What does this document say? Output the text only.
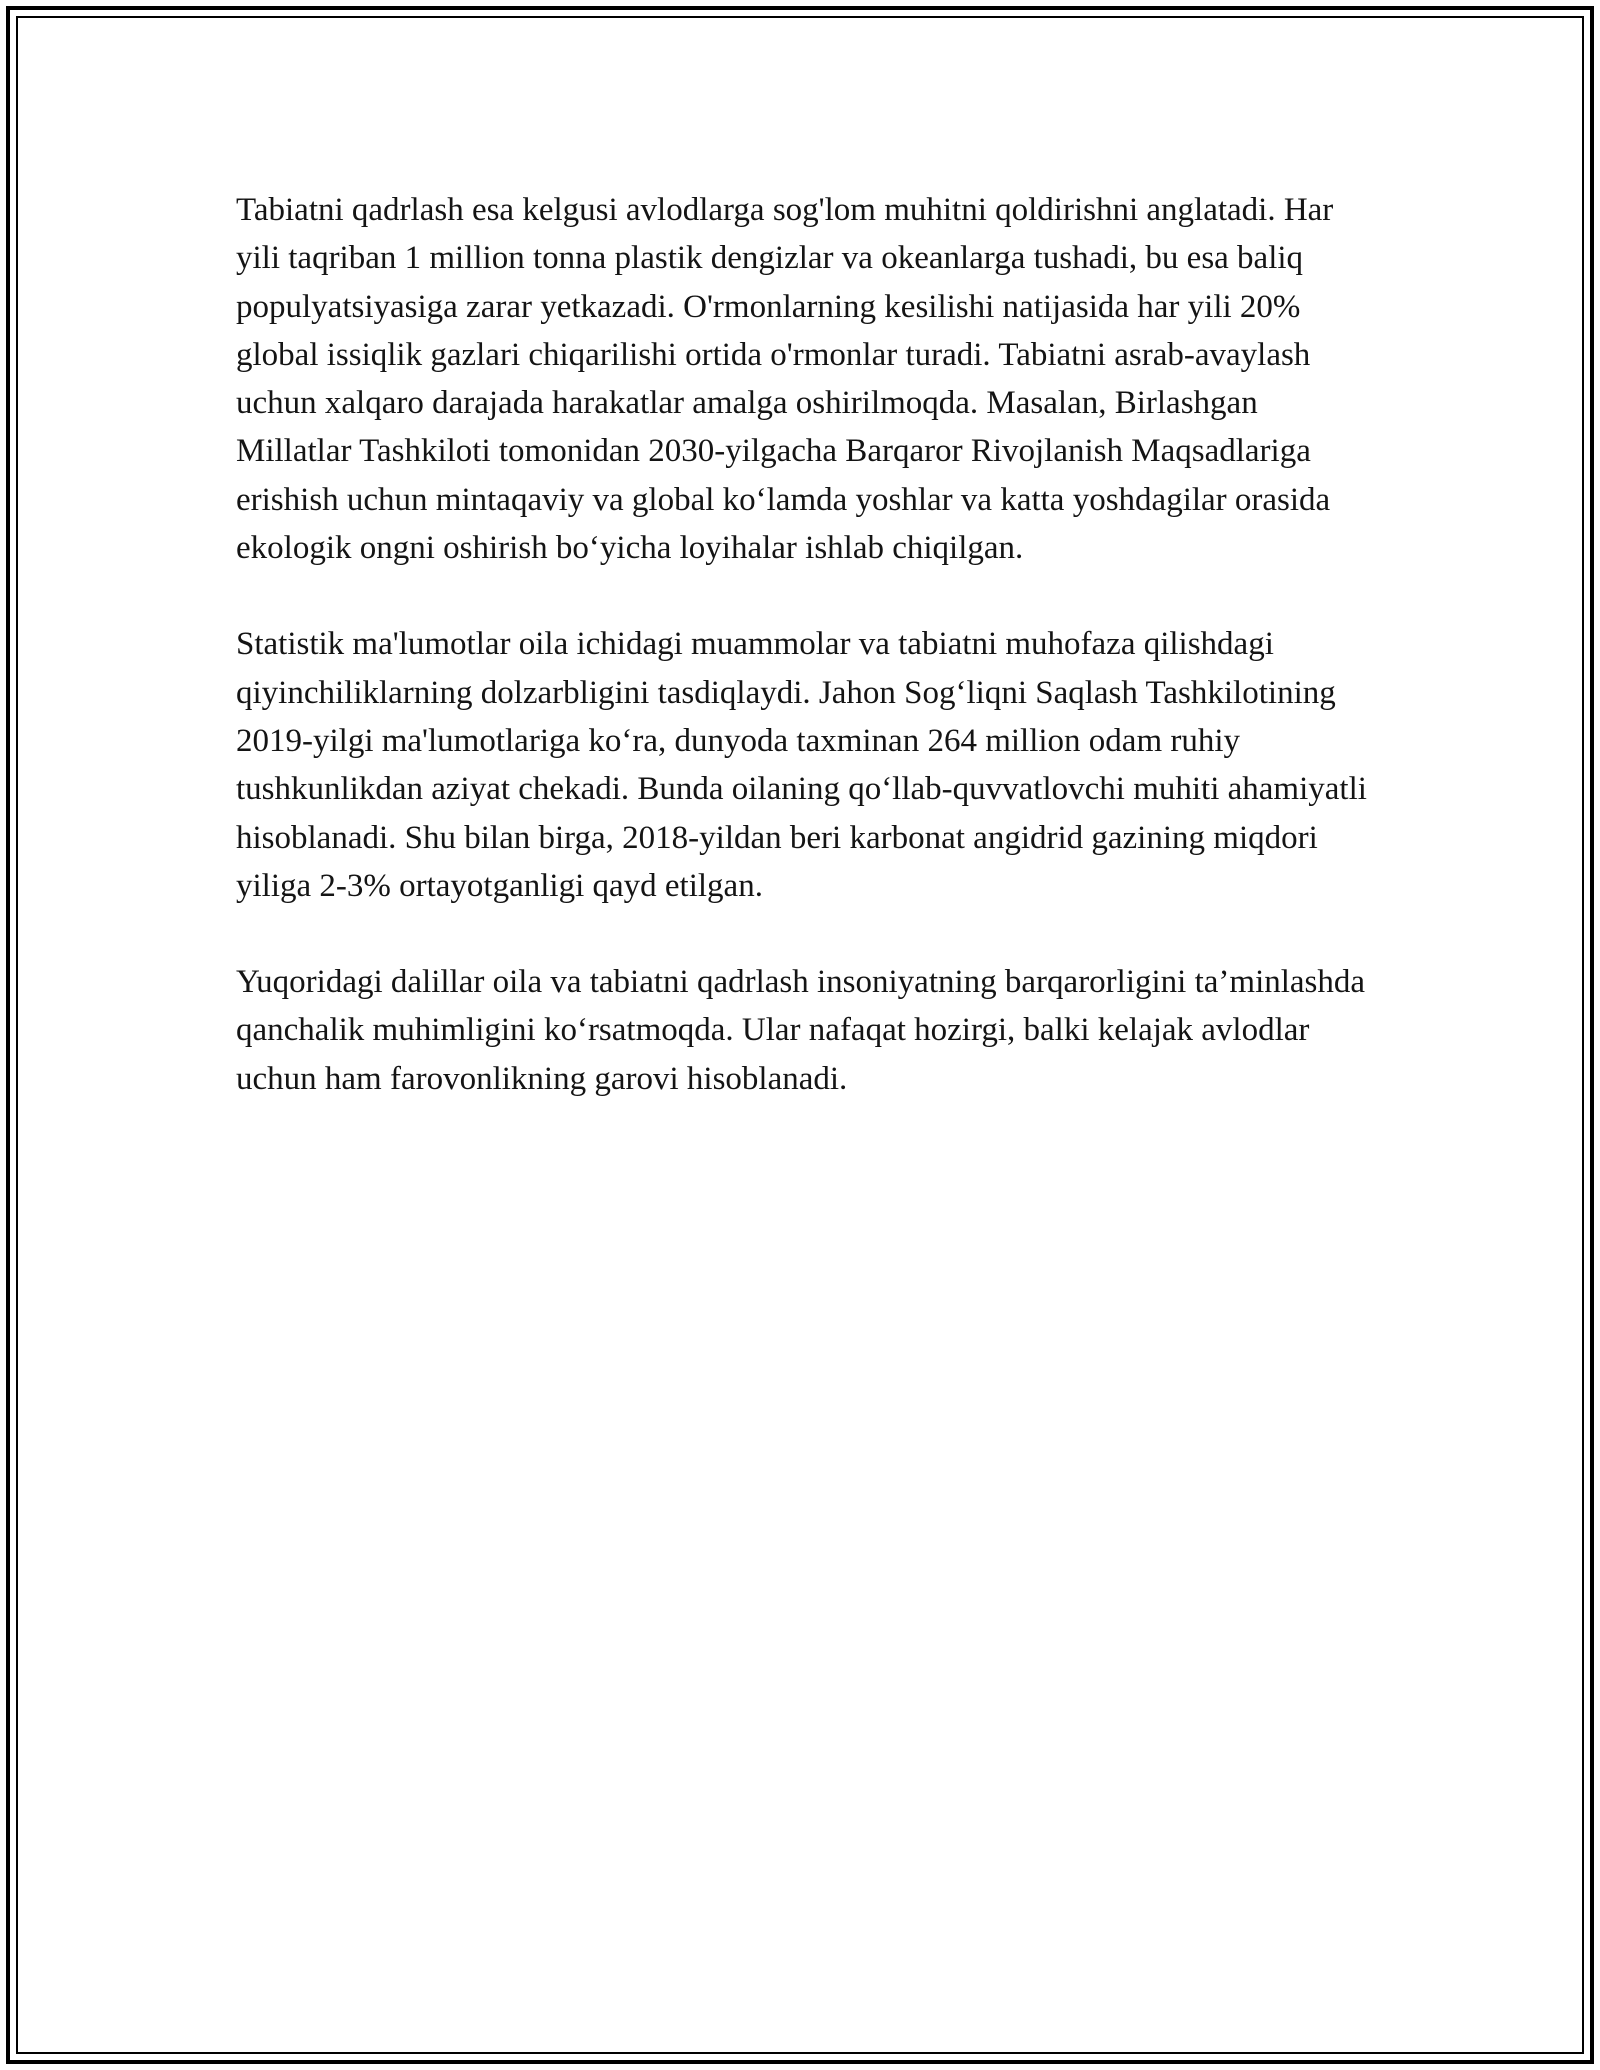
Tabiatni qadrlash esa kelgusi avlodlarga sog'lom muhitni qoldirishni anglatadi. Har yili taqriban 1 million tonna plastik dengizlar va okeanlarga tushadi, bu esa baliq populyatsiyasiga zarar yetkazadi. O'rmonlarning kesilishi natijasida har yili 20% global issiqlik gazlari chiqarilishi ortida o'rmonlar turadi. Tabiatni asrab-avaylash uchun xalqaro darajada harakatlar amalga oshirilmoqda. Masalan, Birlashgan Millatlar Tashkiloti tomonidan 2030-yilgacha Barqaror Rivojlanish Maqsadlariga erishish uchun mintaqaviy va global ko‘lamda yoshlar va katta yoshdagilar orasida ekologik ongni oshirish bo‘yicha loyihalar ishlab chiqilgan.

Statistik ma'lumotlar oila ichidagi muammolar va tabiatni muhofaza qilishdagi qiyinchiliklarning dolzarbligini tasdiqlaydi. Jahon Sog‘liqni Saqlash Tashkilotining 2019-yilgi ma'lumotlariga ko‘ra, dunyoda taxminan 264 million odam ruhiy tushkunlikdan aziyat chekadi. Bunda oilaning qo‘llab-quvvatlovchi muhiti ahamiyatli hisoblanadi. Shu bilan birga, 2018-yildan beri karbonat angidrid gazining miqdori yiliga 2-3% ortayotganligi qayd etilgan.

Yuqoridagi dalillar oila va tabiatni qadrlash insoniyatning barqarorligini ta’minlashda qanchalik muhimligini ko‘rsatmoqda. Ular nafaqat hozirgi, balki kelajak avlodlar uchun ham farovonlikning garovi hisoblanadi.
